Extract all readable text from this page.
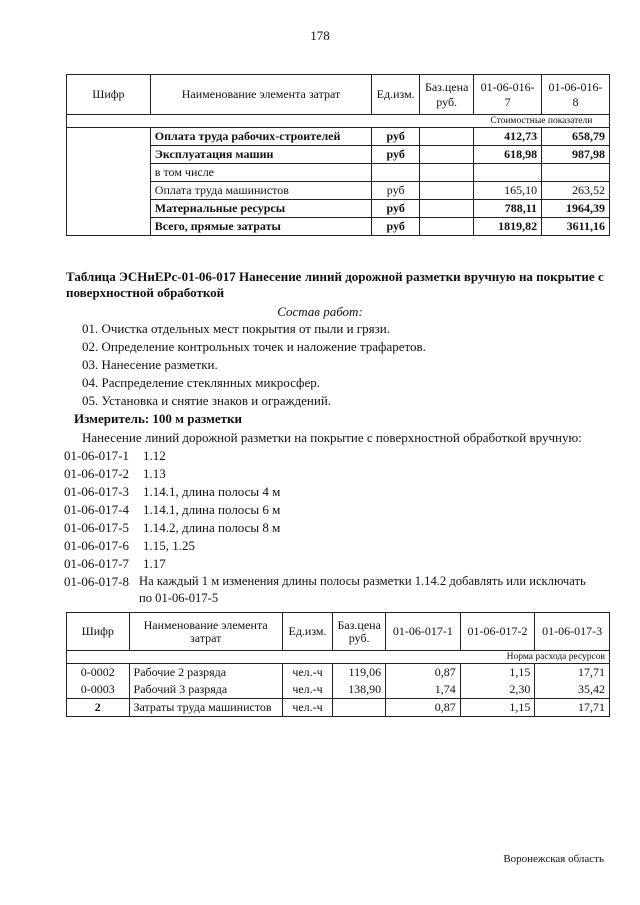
178
Шифр	Наименование элемента затрат	Ед.изм.	Баз.цена руб.	01-06-016-7	01-06-016-8
				Стоимостные показатели	
	Оплата труда рабочих-строителей	руб		412,73	658,79
	Эксплуатация машин	руб		618,98	987,98
	в том числе				
	Оплата труда машинистов	руб		165,10	263,52
	Материальные ресурсы	руб		788,11	1964,39
	Всего, прямые затраты	руб		1819,82	3611,16
Таблица ЭСНиЕРс-01-06-017 Нанесение линий дорожной разметки вручную на покрытие с поверхностной обработкой
Состав работ:
01. Очистка отдельных мест покрытия от пыли и грязи.
02. Определение контрольных точек и наложение трафаретов.
03. Нанесение разметки.
04. Распределение стеклянных микросфер.
05. Установка и снятие знаков и ограждений.
Измеритель: 100 м разметки
Нанесение линий дорожной разметки на покрытие с поверхностной обработкой вручную:
01-06-017-1 1.12
01-06-017-2 1.13
01-06-017-3 1.14.1, длина полосы 4 м
01-06-017-4 1.14.1, длина полосы 6 м
01-06-017-5 1.14.2, длина полосы 8 м
01-06-017-6 1.15, 1.25
01-06-017-7 1.17
01-06-017-8 На каждый 1 м изменения длины полосы разметки 1.14.2 добавлять или исключать
по 01-06-017-5
Шифр	Наименование элемента затрат	Ед.изм.	Баз.цена руб.	01-06-017-1	01-06-017-2	01-06-017-3
				Норма расхода ресурсов		
0-0002	Рабочие 2 разряда	чел.-ч	119,06	0,87	1,15	17,71
0-0003	Рабочий 3 разряда	чел.-ч	138,90	1,74	2,30	35,42
2	Затраты труда машинистов	чел.-ч		0,87	1,15	17,71
Воронежская область
